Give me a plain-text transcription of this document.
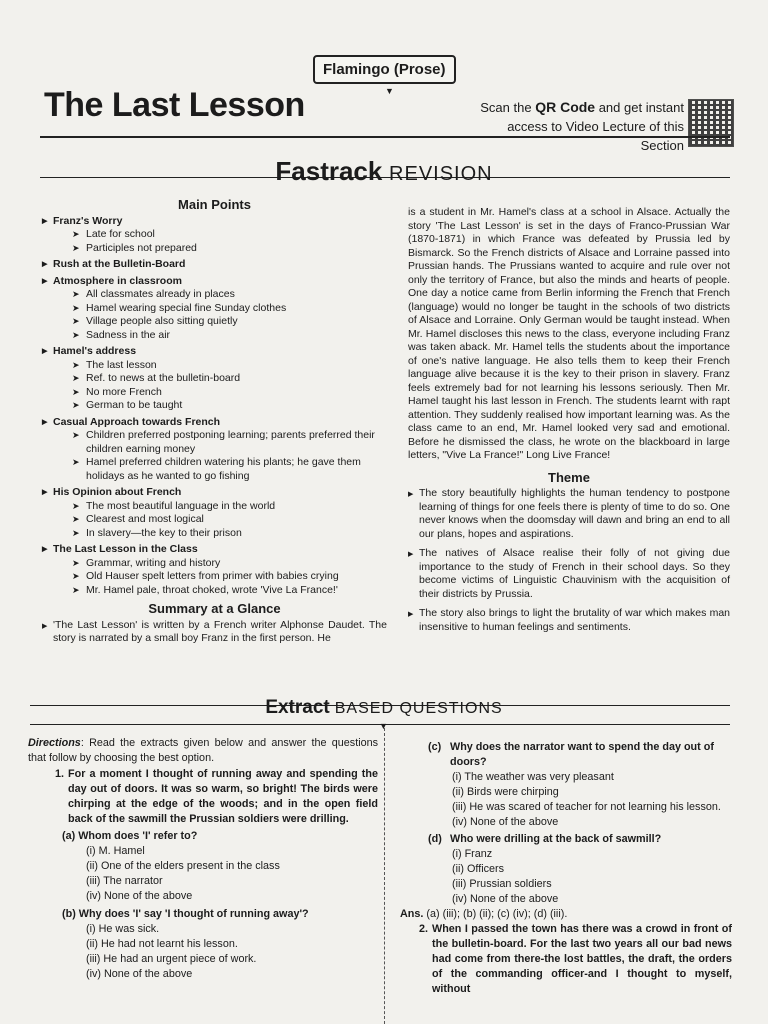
Flamingo (Prose)
▼
The Last Lesson	Scan the QR Code and get instant
access to Video Lecture of this Section
Fastrack REVISION
Main Points
▶ Franz's Worry
➤ Late for school
➤ Participles not prepared
▶ Rush at the Bulletin-Board
▶ Atmosphere in classroom
➤ All classmates already in places
➤ Hamel wearing special fine Sunday clothes
➤ Village people also sitting quietly
➤ Sadness in the air
▶ Hamel's address
➤ The last lesson
➤ Ref. to news at the bulletin-board
➤ No more French
➤ German to be taught
▶ Casual Approach towards French
➤ Children preferred postponing learning; parents preferred their children earning money
➤ Hamel preferred children watering his plants; he gave them holidays as he wanted to go fishing
▶ His Opinion about French
➤ The most beautiful language in the world
➤ Clearest and most logical
➤ In slavery—the key to their prison
▶ The Last Lesson in the Class
➤ Grammar, writing and history
➤ Old Hauser spelt letters from primer with babies crying
➤ Mr. Hamel pale, throat choked, wrote 'Vive La France!'
Summary at a Glance
▶ 'The Last Lesson' is written by a French writer Alphonse Daudet. The story is narrated by a small boy Franz in the first person. He
is a student in Mr. Hamel's class at a school in Alsace. Actually the story 'The Last Lesson' is set in the days of Franco-Prussian War (1870-1871) in which France was defeated by Prussia led by Bismarck. So the French districts of Alsace and Lorraine passed into Prussian hands. The Prussians wanted to acquire and rule over not only the territory of France, but also the minds and hearts of people. One day a notice came from Berlin informing the French that French (language) would no longer be taught in the schools of two districts of Alsace and Lorraine. Only German would be taught instead. When Mr. Hamel discloses this news to the class, everyone including Franz was taken aback. Mr. Hamel tells the students about the importance of one's native language. He also tells them to keep their French language alive because it is the key to their prison in slavery. Franz feels extremely bad for not learning his lessons seriously. Then Mr. Hamel taught his last lesson in French. The students learnt with rapt attention. They suddenly realised how important learning was. As the class came to an end, Mr. Hamel looked very sad and emotional. Before he dismissed the class, he wrote on the blackboard in large letters, "Vive La France!" Long Live France!
Theme
▶ The story beautifully highlights the human tendency to postpone learning of things for one feels there is plenty of time to do so. One never knows when the doomsday will dawn and bring an end to all our plans, hopes and aspirations.
▶ The natives of Alsace realise their folly of not giving due importance to the study of French in their school days. So they become victims of Linguistic Chauvinism with the acquisition of their districts by Prussia.
▶ The story also brings to light the brutality of war which makes man insensitive to human feelings and sentiments.
Extract BASED QUESTIONS
▼
Directions: Read the extracts given below and answer the questions that follow by choosing the best option.
1. For a moment I thought of running away and spending the day out of doors. It was so warm, so bright! The birds were chirping at the edge of the woods; and in the open field back of the sawmill the Prussian soldiers were drilling.
(a) Whom does 'I' refer to?
(i) M. Hamel
(ii) One of the elders present in the class
(iii) The narrator
(iv) None of the above
(b) Why does 'I' say 'I thought of running away'?
(i) He was sick.
(ii) He had not learnt his lesson.
(iii) He had an urgent piece of work.
(iv) None of the above
(c) Why does the narrator want to spend the day out of doors?
(i) The weather was very pleasant
(ii) Birds were chirping
(iii) He was scared of teacher for not learning his lesson.
(iv) None of the above
(d) Who were drilling at the back of sawmill?
(i) Franz
(ii) Officers
(iii) Prussian soldiers
(iv) None of the above
Ans. (a) (iii); (b) (ii); (c) (iv); (d) (iii).
2. When I passed the town has there was a crowd in front of the bulletin-board. For the last two years all our bad news had come from there-the lost battles, the draft, the orders of the commanding officer-and I thought to myself, without
